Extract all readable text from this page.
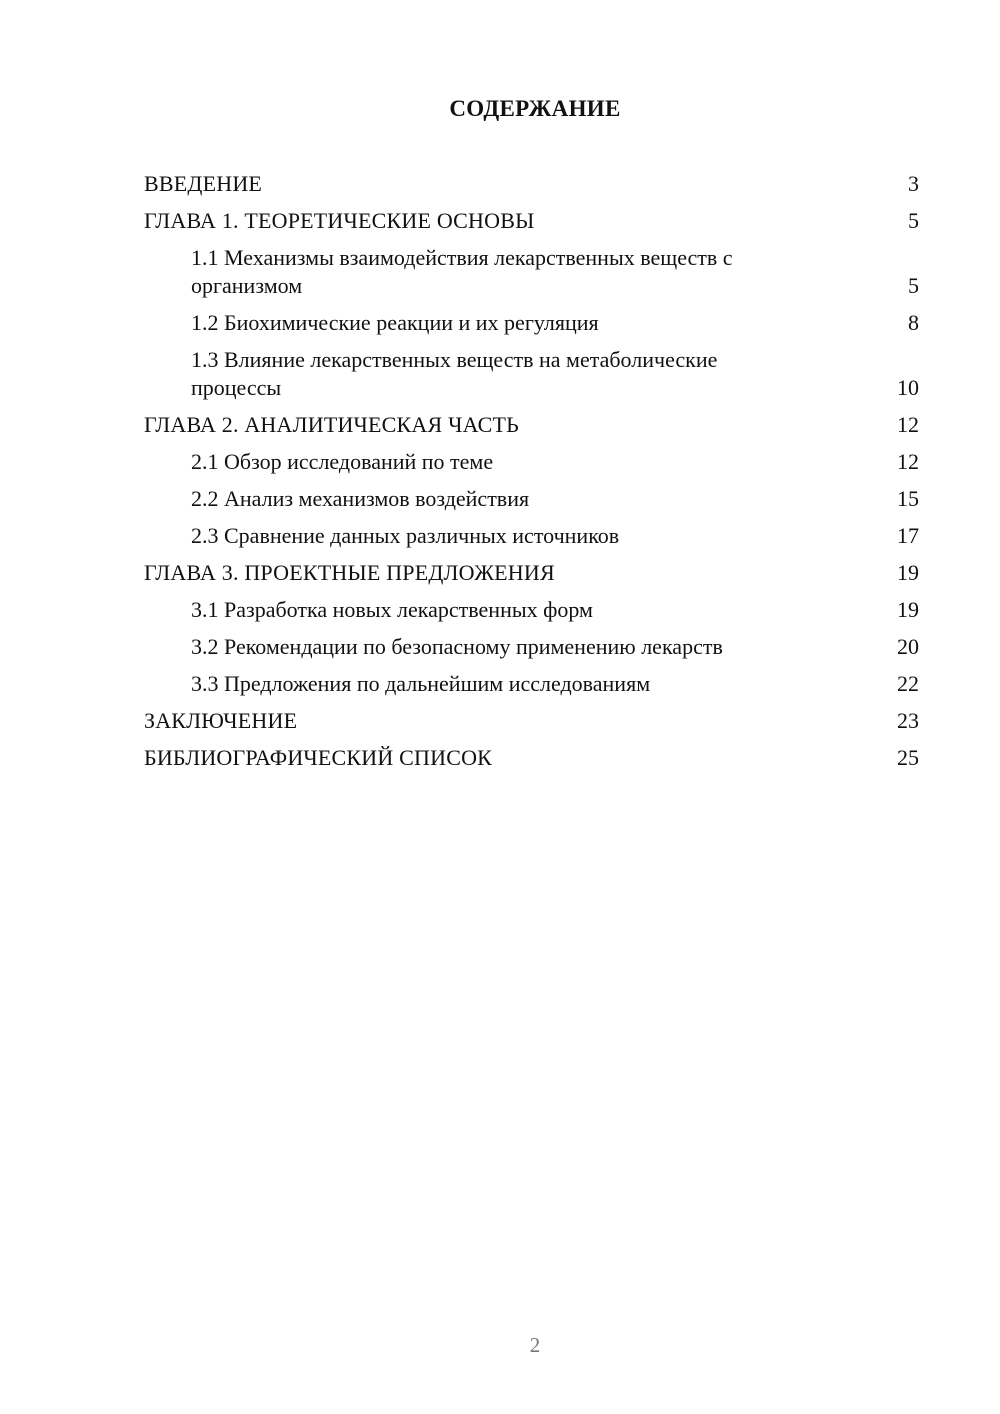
СОДЕРЖАНИЕ
ВВЕДЕНИЕ	3
ГЛАВА 1. ТЕОРЕТИЧЕСКИЕ ОСНОВЫ	5
1.1 Механизмы взаимодействия лекарственных веществ с организмом	5
1.2 Биохимические реакции и их регуляция	8
1.3 Влияние лекарственных веществ на метаболические процессы	10
ГЛАВА 2. АНАЛИТИЧЕСКАЯ ЧАСТЬ	12
2.1 Обзор исследований по теме	12
2.2 Анализ механизмов воздействия	15
2.3 Сравнение данных различных источников	17
ГЛАВА 3. ПРОЕКТНЫЕ ПРЕДЛОЖЕНИЯ	19
3.1 Разработка новых лекарственных форм	19
3.2 Рекомендации по безопасному применению лекарств	20
3.3 Предложения по дальнейшим исследованиям	22
ЗАКЛЮЧЕНИЕ	23
БИБЛИОГРАФИЧЕСКИЙ СПИСОК	25
2
